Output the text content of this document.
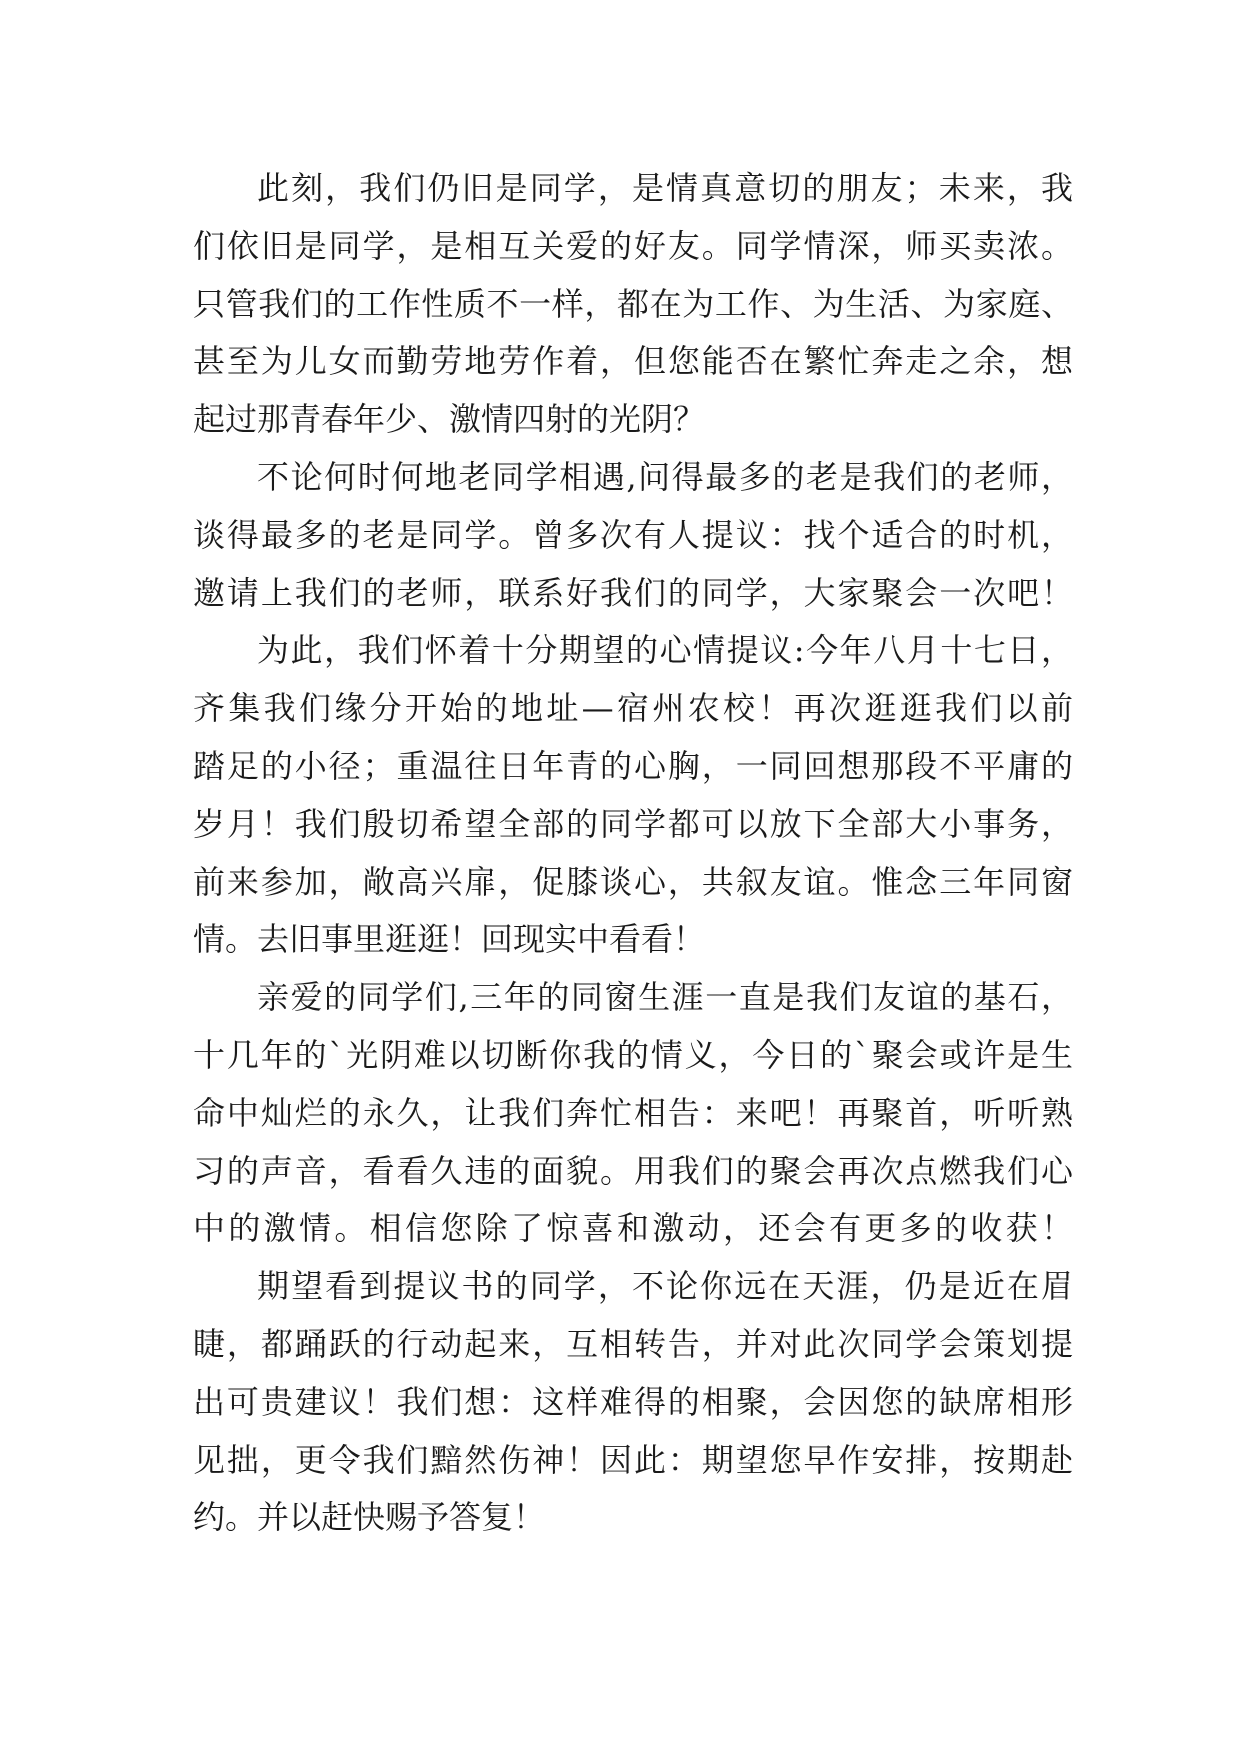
此刻，我们仍旧是同学，是情真意切的朋友；未来，我
们依旧是同学，是相互关爱的好友。同学情深，师买卖浓。
只管我们的工作性质不一样，都在为工作、为生活、为家庭、
甚至为儿女而勤劳地劳作着，但您能否在繁忙奔走之余，想
起过那青春年少、激情四射的光阴？
不论何时何地老同学相遇,问得最多的老是我们的老师，
谈得最多的老是同学。曾多次有人提议：找个适合的时机，
邀请上我们的老师，联系好我们的同学，大家聚会一次吧！
为此，我们怀着十分期望的心情提议:今年八月十七日，
齐集我们缘分开始的地址—宿州农校！再次逛逛我们以前
踏足的小径；重温往日年青的心胸，一同回想那段不平庸的
岁月！我们殷切希望全部的同学都可以放下全部大小事务，
前来参加，敞高兴扉，促膝谈心，共叙友谊。惟念三年同窗
情。去旧事里逛逛！回现实中看看！
亲爱的同学们,三年的同窗生涯一直是我们友谊的基石，
十几年的`光阴难以切断你我的情义，今日的`聚会或许是生
命中灿烂的永久，让我们奔忙相告：来吧！再聚首，听听熟
习的声音，看看久违的面貌。用我们的聚会再次点燃我们心
中的激情。相信您除了惊喜和激动，还会有更多的收获！
期望看到提议书的同学，不论你远在天涯，仍是近在眉
睫，都踊跃的行动起来，互相转告，并对此次同学会策划提
出可贵建议！我们想：这样难得的相聚，会因您的缺席相形
见拙，更令我们黯然伤神！因此：期望您早作安排，按期赴
约。并以赶快赐予答复！
